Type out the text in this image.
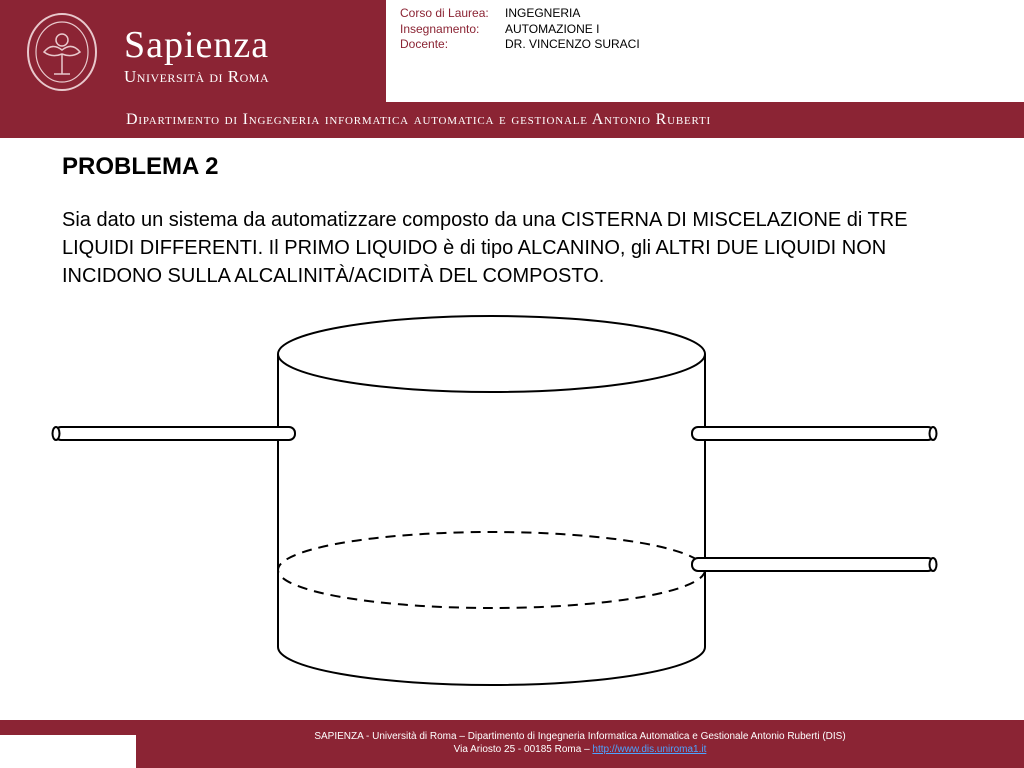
Sapienza
Università di Roma
Corso di Laurea:	INGEGNERIA
Insegnamento:	AUTOMAZIONE I
Docente:	DR. VINCENZO SURACI
Dipartimento di Ingegneria informatica automatica e gestionale Antonio Ruberti
PROBLEMA 2

Sia dato un sistema da automatizzare composto da una CISTERNA DI MISCELAZIONE di TRE LIQUIDI DIFFERENTI. Il PRIMO LIQUIDO è di tipo ALCANINO, gli ALTRI DUE LIQUIDI NON INCIDONO SULLA ALCALINITÀ/ACIDITÀ DEL COMPOSTO.

SAPIENZA - Università di Roma – Dipartimento di Ingegneria Informatica Automatica e Gestionale Antonio Ruberti (DIS)
Via Ariosto 25 - 00185 Roma – http://www.dis.uniroma1.it
